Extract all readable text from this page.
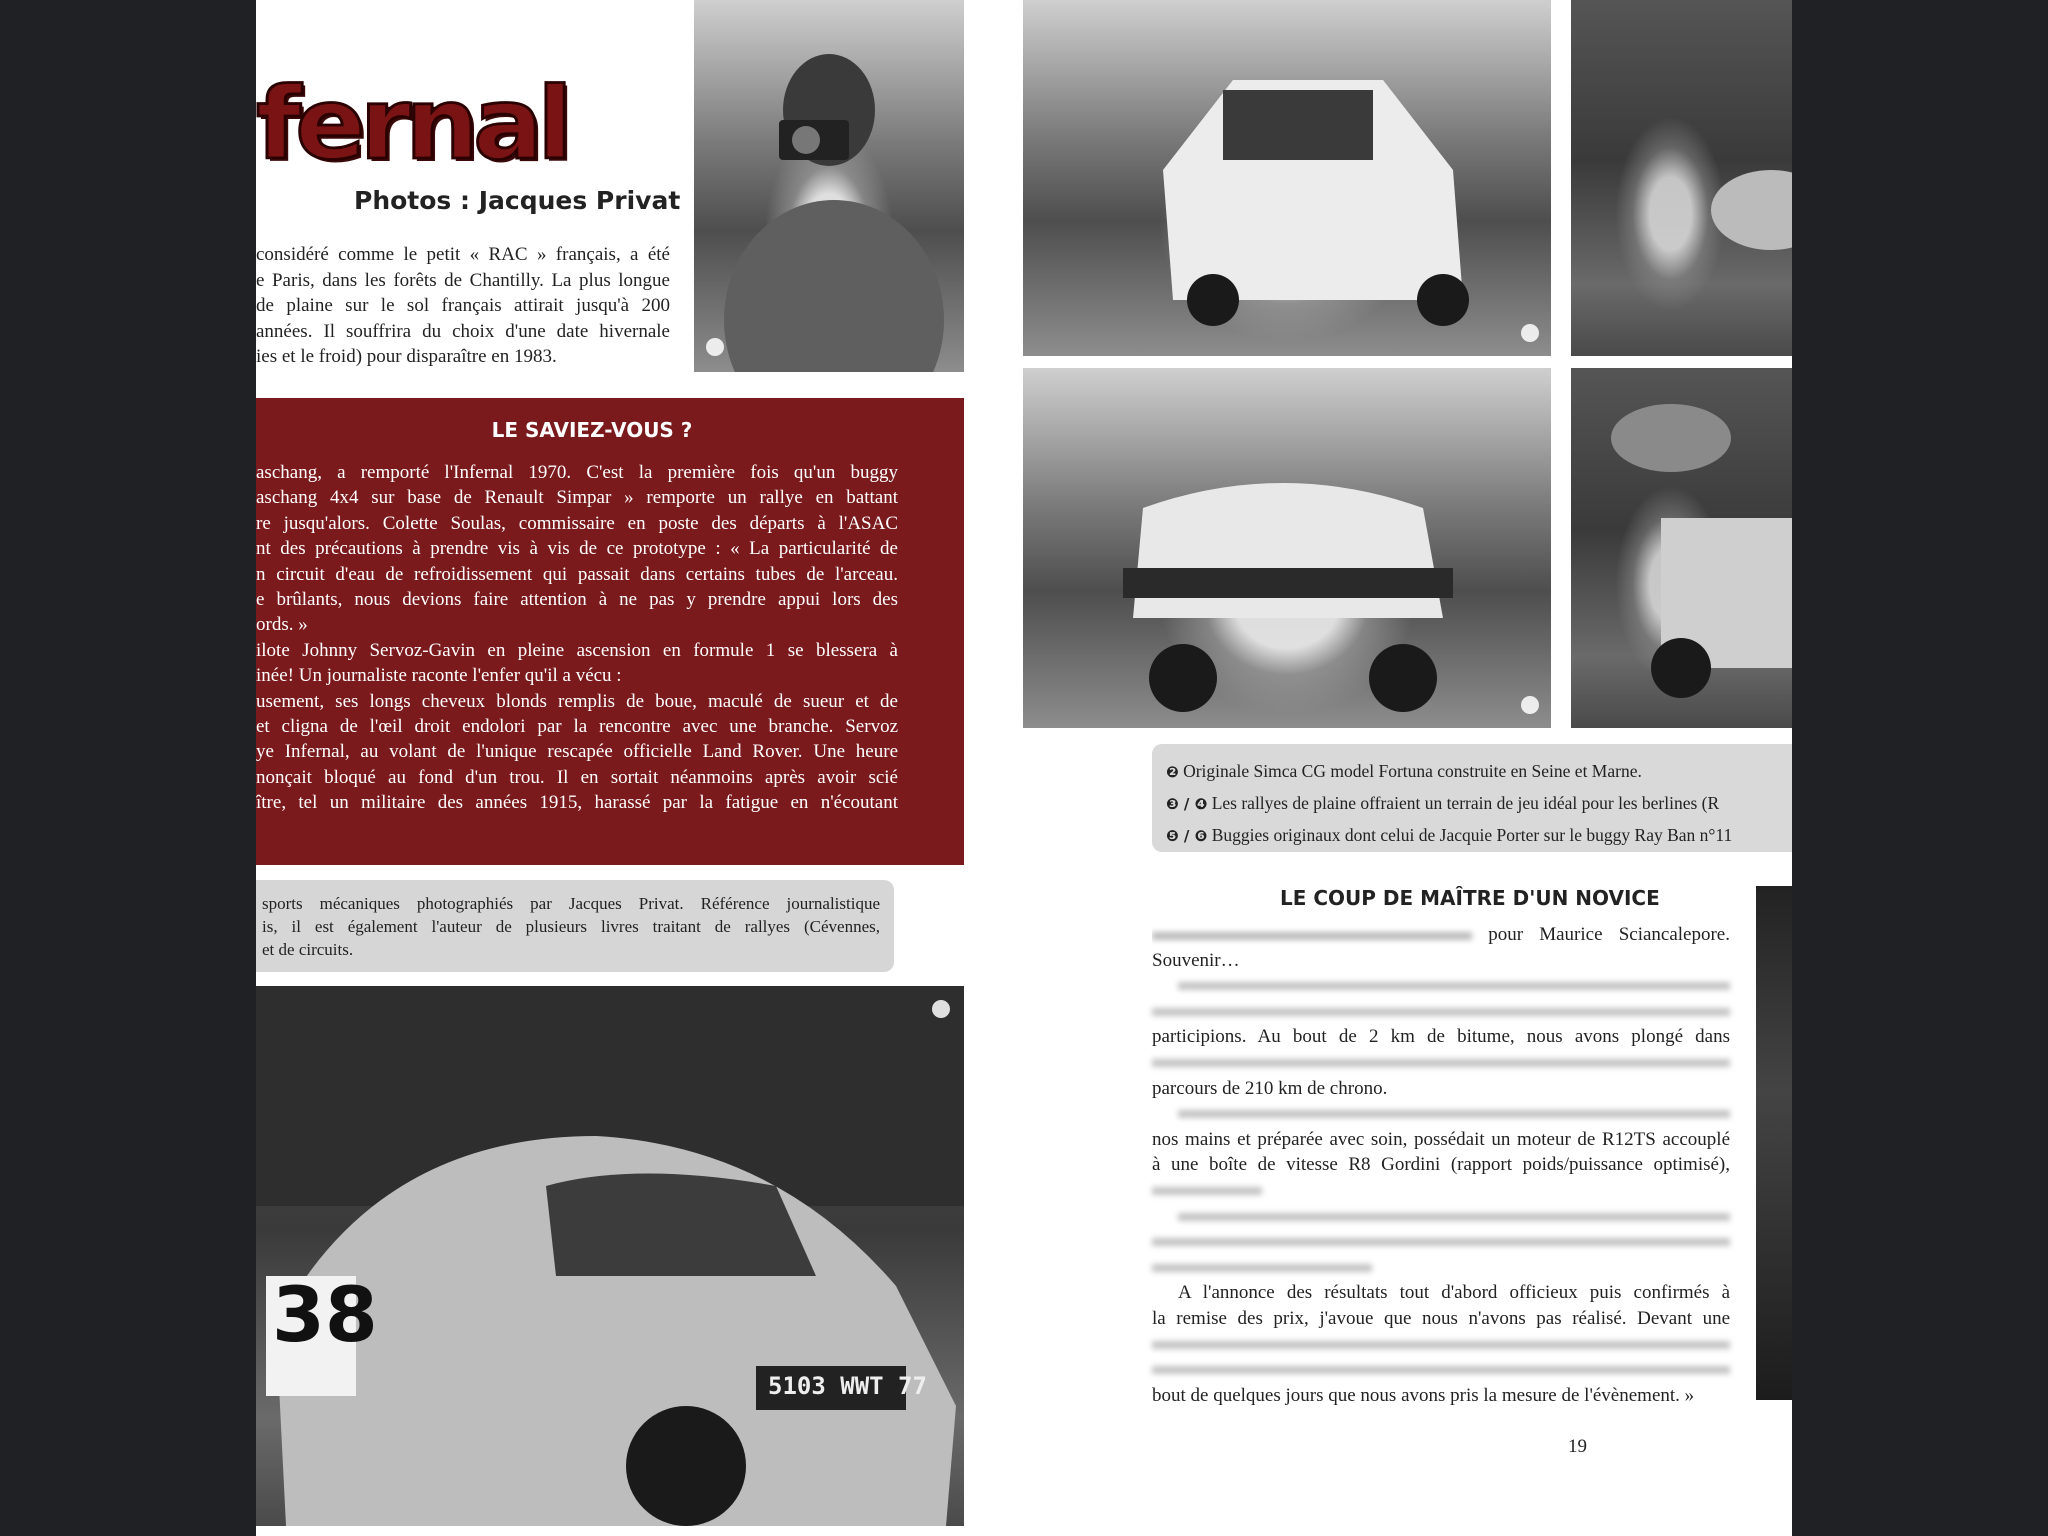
fernal
Photos : Jacques Privat

considéré comme le petit « RAC » français, a été

e Paris, dans les forêts de Chantilly. La plus longue

de plaine sur le sol français attirait jusqu'à 200

années. Il souffrira du choix d'une date hivernale

ies et le froid) pour disparaître en 1983.

LE SAVIEZ-VOUS ?
aschang, a remporté l'Infernal 1970. C'est la première fois qu'un buggy
aschang 4x4 sur base de Renault Simpar » remporte un rallye en battant
re jusqu'alors. Colette Soulas, commissaire en poste des départs à l'ASAC
nt des précautions à prendre vis à vis de ce prototype : « La particularité de
n circuit d'eau de refroidissement qui passait dans certains tubes de l'arceau.
e brûlants, nous devions faire attention à ne pas y prendre appui lors des
ords. »
ilote Johnny Servoz-Gavin en pleine ascension en formule 1 se blessera à
inée! Un journaliste raconte l'enfer qu'il a vécu :
usement, ses longs cheveux blonds remplis de boue, maculé de sueur et de
et cligna de l'œil droit endolori par la rencontre avec une branche. Servoz
ye Infernal, au volant de l'unique rescapée officielle Land Rover. Une heure
nonçait bloqué au fond d'un trou. Il en sortait néanmoins après avoir scié
ître, tel un militaire des années 1915, harassé par la fatigue en n'écoutant
sports mécaniques photographiés par Jacques Privat. Référence journalistique
is, il est également l'auteur de plusieurs livres traitant de rallyes (Cévennes,
et de circuits.
38
5103 WWT 77
❷ Originale Simca CG model Fortuna construite en Seine et Marne.
❸ / ❹ Les rallyes de plaine offraient un terrain de jeu idéal pour les berlines (R
❺ / ❻ Buggies originaux dont celui de Jacquie Porter sur le buggy Ray Ban n°11
LE COUP DE MAÎTRE D'UN NOVICE
pour Maurice Sciancalepore.
Souvenir…
participions. Au bout de 2 km de bitume, nous avons plongé dans
parcours de 210 km de chrono.
nos mains et préparée avec soin, possédait un moteur de R12TS accouplé
à une boîte de vitesse R8 Gordini (rapport poids/puissance optimisé),
A l'annonce des résultats tout d'abord officieux puis confirmés à
la remise des prix, j'avoue que nous n'avons pas réalisé. Devant une
bout de quelques jours que nous avons pris la mesure de l'évènement. »
19
